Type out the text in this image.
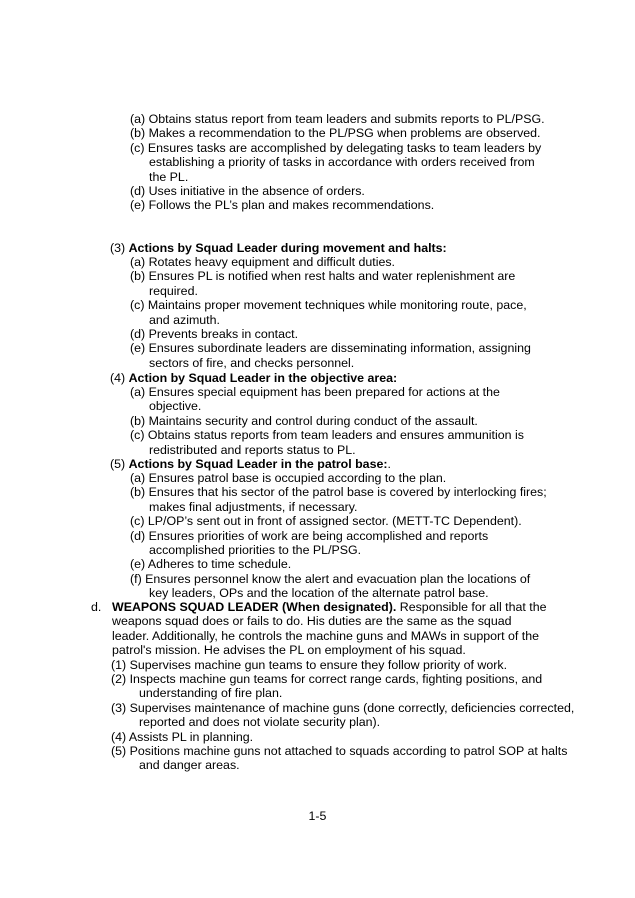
(a) Obtains status report from team leaders and submits reports to PL/PSG.

(b) Makes a recommendation to the PL/PSG when problems are observed.

(c) Ensures tasks are accomplished by delegating tasks to team leaders by establishing a priority of tasks in accordance with orders received from the PL.

(d) Uses initiative in the absence of orders.

(e) Follows the PL’s plan and makes recommendations.

(3) Actions by Squad Leader during movement and halts:

(a) Rotates heavy equipment and difficult duties.

(b) Ensures PL is notified when rest halts and water replenishment are required.

(c) Maintains proper movement techniques while monitoring route, pace, and azimuth.

(d) Prevents breaks in contact.

(e) Ensures subordinate leaders are disseminating information, assigning sectors of fire, and checks personnel.

(4) Action by Squad Leader in the objective area:

(a) Ensures special equipment has been prepared for actions at the objective.

(b) Maintains security and control during conduct of the assault.

(c) Obtains status reports from team leaders and ensures ammunition is redistributed and reports status to PL.

(5) Actions by Squad Leader in the patrol base:.

(a) Ensures patrol base is occupied according to the plan.

(b) Ensures that his sector of the patrol base is covered by interlocking fires; makes final adjustments, if necessary.

(c) LP/OP’s sent out in front of assigned sector. (METT-TC Dependent).

(d) Ensures priorities of work are being accomplished and reports accomplished priorities to the PL/PSG.

(e) Adheres to time schedule.

(f) Ensures personnel know the alert and evacuation plan the locations of key leaders, OPs and the location of the alternate patrol base.

d. WEAPONS SQUAD LEADER (When designated). Responsible for all that the weapons squad does or fails to do. His duties are the same as the squad leader. Additionally, he controls the machine guns and MAWs in support of the patrol's mission. He advises the PL on employment of his squad.
(1) Supervises machine gun teams to ensure they follow priority of work.
(2) Inspects machine gun teams for correct range cards, fighting positions, and understanding of fire plan.
(3) Supervises maintenance of machine guns (done correctly, deficiencies corrected, reported and does not violate security plan).
(4) Assists PL in planning.
(5) Positions machine guns not attached to squads according to patrol SOP at halts and danger areas.
1-5
